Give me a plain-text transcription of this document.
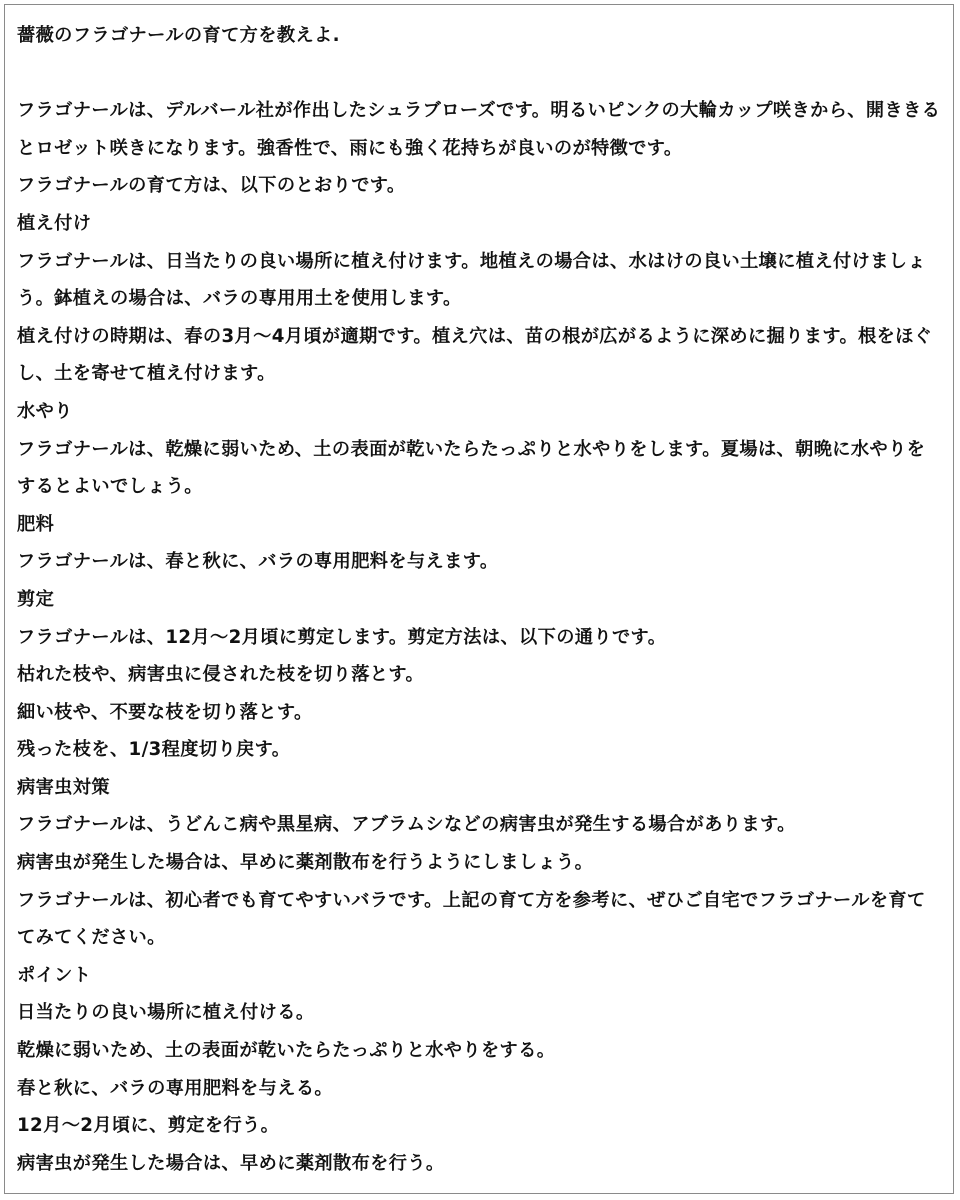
薔薇のフラゴナールの育て方を教えよ.
フラゴナールは、デルバール社が作出したシュラブローズです。明るいピンクの大輪カップ咲きから、開ききるとロゼット咲きになります。強香性で、雨にも強く花持ちが良いのが特徴です。
フラゴナールの育て方は、以下のとおりです。
植え付け
フラゴナールは、日当たりの良い場所に植え付けます。地植えの場合は、水はけの良い土壌に植え付けましょう。鉢植えの場合は、バラの専用用土を使用します。
植え付けの時期は、春の3月～4月頃が適期です。植え穴は、苗の根が広がるように深めに掘ります。根をほぐし、土を寄せて植え付けます。
水やり
フラゴナールは、乾燥に弱いため、土の表面が乾いたらたっぷりと水やりをします。夏場は、朝晩に水やりをするとよいでしょう。
肥料
フラゴナールは、春と秋に、バラの専用肥料を与えます。
剪定
フラゴナールは、12月～2月頃に剪定します。剪定方法は、以下の通りです。
枯れた枝や、病害虫に侵された枝を切り落とす。
細い枝や、不要な枝を切り落とす。
残った枝を、1/3程度切り戻す。
病害虫対策
フラゴナールは、うどんこ病や黒星病、アブラムシなどの病害虫が発生する場合があります。
病害虫が発生した場合は、早めに薬剤散布を行うようにしましょう。
フラゴナールは、初心者でも育てやすいバラです。上記の育て方を参考に、ぜひご自宅でフラゴナールを育ててみてください。
ポイント
日当たりの良い場所に植え付ける。
乾燥に弱いため、土の表面が乾いたらたっぷりと水やりをする。
春と秋に、バラの専用肥料を与える。
12月～2月頃に、剪定を行う。
病害虫が発生した場合は、早めに薬剤散布を行う。
